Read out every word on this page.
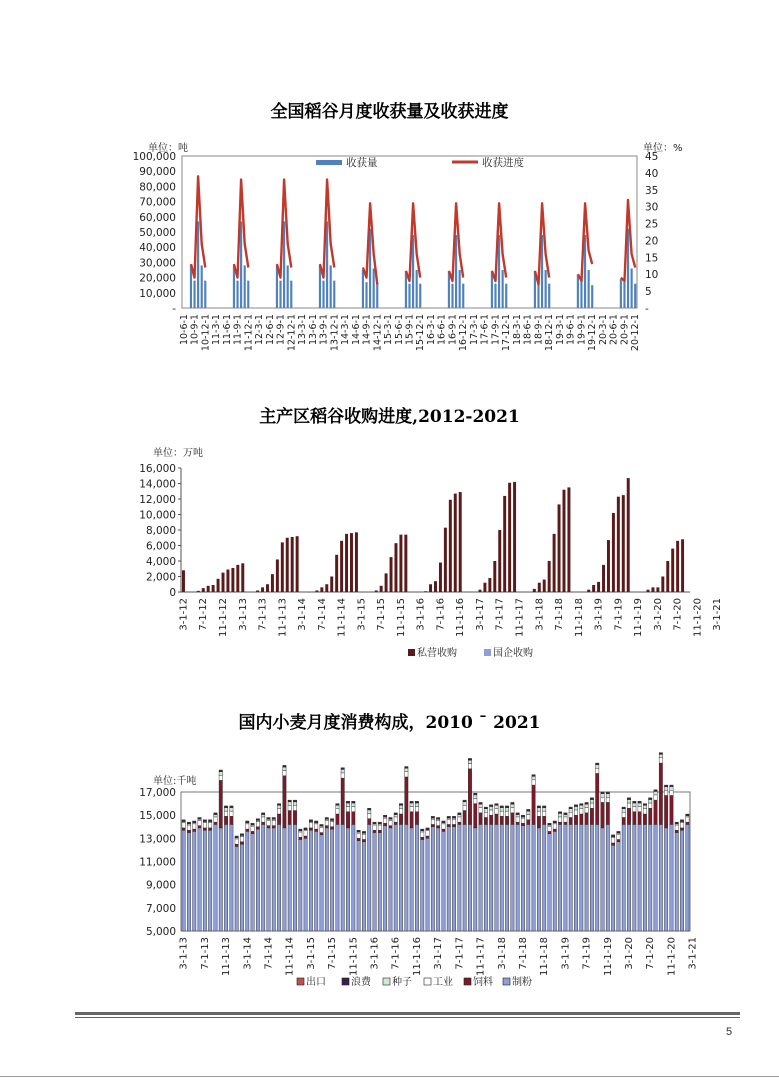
全国稻谷月度收获量及收获进度
主产区稻谷收购进度,2012-2021
国内小麦月度消费构成，2010 ¯ 2021
单位：吨	单位：%
100,000
90,000
80,000
70,000
60,000
50,000
40,000
30,000
20,000
10,000
-
45
40
35
30
25
20
15
10
5
-
10-6-1 10-9-1 10-12-1 11-3-1 11-6-1 11-9-1 11-12-1 12-3-1 12-6-1 12-9-1 12-12-1 13-3-1 13-6-1 13-9-1 13-12-1 14-3-1 14-6-1 14-9-1 14-12-1 15-3-1 15-6-1 15-9-1 15-12-1 16-3-1 16-6-1 16-9-1 16-12-1 17-3-1 17-6-1 17-9-1 17-12-1 18-3-1 18-6-1 18-9-1 18-12-1 19-3-1 19-6-1 19-9-1 19-12-1 20-3-1 20-6-1 20-9-1 20-12-1
收获量	收获进度
单位：万吨
16,000
14,000
12,000
10,000
8,000
6,000
4,000
2,000
0
3-1-12 7-1-12 11-1-12 3-1-13 7-1-13 11-1-13 3-1-14 7-1-14 11-1-14 3-1-15 7-1-15 11-1-15 3-1-16 7-1-16 11-1-16 3-1-17 7-1-17 11-1-17 3-1-18 7-1-18 11-1-18 3-1-19 7-1-19 11-1-19 3-1-20 7-1-20 11-1-20 3-1-21
私营收购	国企收购
单位:千吨
17,000
15,000
13,000
11,000
9,000
7,000
5,000
3-1-13 7-1-13 11-1-13 3-1-14 7-1-14 11-1-14 3-1-15 7-1-15 11-1-15 3-1-16 7-1-16 11-1-16 3-1-17 7-1-17 11-1-17 3-1-18 7-1-18 11-1-18 3-1-19 7-1-19 11-1-19 3-1-20 7-1-20 11-1-20 3-1-21
出口	浪费 种子 工业 饲料 制粉
5
